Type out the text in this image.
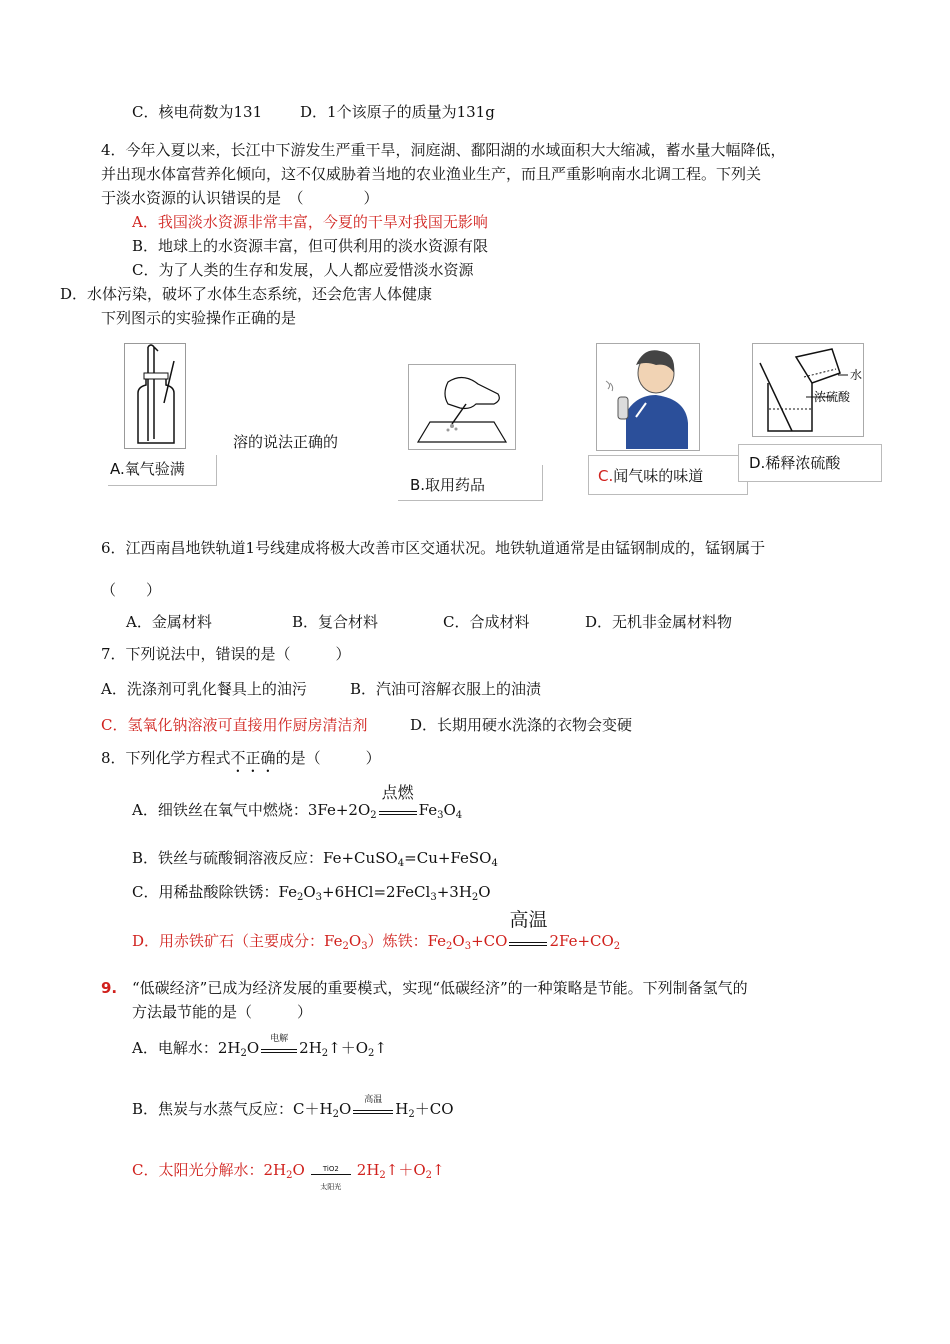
C．核电荷数为131	D．1个该原子的质量为131g
4．今年入夏以来，长江中下游发生严重干旱，洞庭湖、鄱阳湖的水域面积大大缩减，蓄水量大幅降低，
并出现水体富营养化倾向，这不仅威胁着当地的农业渔业生产，而且严重影响南水北调工程。下列关
于淡水资源的认识错误的是　（　　　　）
A．我国淡水资源非常丰富，今夏的干旱对我国无影响
B．地球上的水资源丰富，但可供利用的淡水资源有限
C．为了人类的生存和发展，人人都应爱惜淡水资源
D．水体污染，破坏了水体生态系统，还会危害人体健康
下列图示的实验操作正确的是
A.氧气验满
溶的说法正确的
B.取用药品	C.闻气味的味道
水
浓硫酸
D.稀释浓硫酸
6．江西南昌地铁轨道1号线建成将极大改善市区交通状况。地铁轨道通常是由锰钢制成的，锰钢属于
（　　）
A．金属材料	B．复合材料	C．合成材料	D．无机非金属材料物
7．下列说法中，错误的是（　　　）
A．洗涤剂可乳化餐具上的油污	B．汽油可溶解衣服上的油渍
C．氢氧化钠溶液可直接用作厨房清洁剂	D．长期用硬水洗涤的衣物会变硬
8．下列化学方程式不正确的是（　　　）
A．细铁丝在氧气中燃烧：$3Fe+2O_2$
点燃
$Fe_3O_4$
B．铁丝与硫酸铜溶液反应：Fe+CuSO$_4$=Cu+FeSO$_4$
C．用稀盐酸除铁锈：$Fe_2O_3+6HCl=2FeCl_3+3H_2O$
D．用赤铁矿石（主要成分：$Fe_2O_3$）炼铁：$Fe_2O_3+CO$
高温
$2Fe+CO_2$
9. “低碳经济”已成为经济发展的重要模式，实现“低碳经济”的一种策略是节能。下列制备氢气的
方法最节能的是（　　　）
A．电解水：$2H_2O$	电解 $2H_2↑+O_2↑$
B．焦炭与水蒸气反应：$C+H_2O$	高温 $H_2+CO$
C．太阳光分解水：$2H_2O$	TiO2
太阳光
$2H_2↑+O_2↑$
